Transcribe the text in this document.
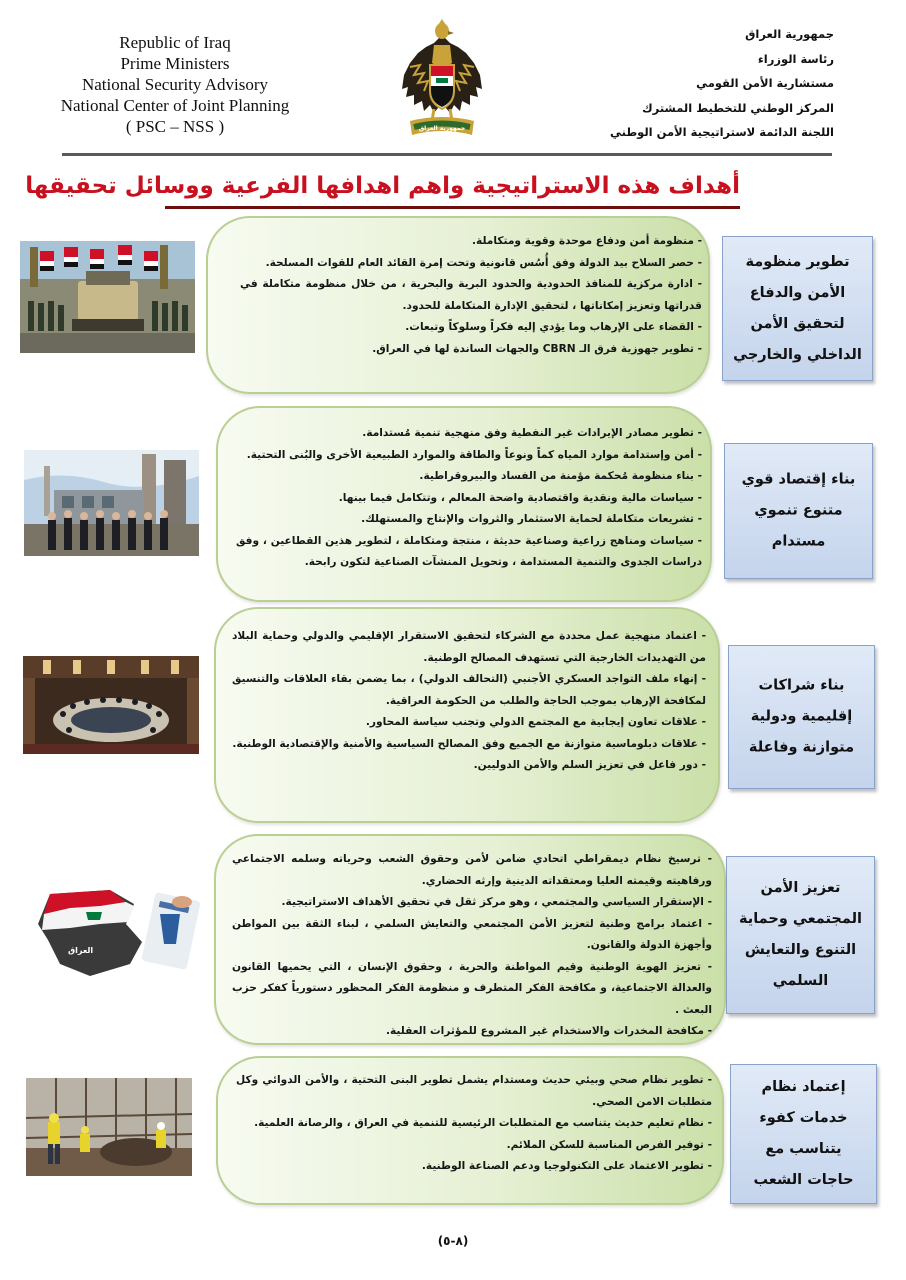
Republic of Iraq
Prime Ministers
National Security Advisory
National Center of Joint Planning
( PSC – NSS )	جمهورية العراق
جمهورية العراق
رئاسة الوزراء
مستشارية الأمن القومي
المركز الوطني للتخطيط المشترك
اللجنة الدائمة لاستراتيجية الأمن الوطني
أهداف هذه الاستراتيجية واهم اهدافها الفرعية ووسائل تحقيقها
- منظومة أمن ودفاع موحدة وقوية ومتكاملة.
- حصر السلاح بيد الدولة وفق أُسُس قانونية وتحت إمرة القائد العام للقوات المسلحة.
- ادارة مركزية للمنافذ الحدودية والحدود البرية والبحرية ، من خلال منظومة متكاملة في قدراتها وتعزيز إمكاناتها ، لتحقيق الإدارة المتكاملة للحدود.
- القضاء على الإرهاب وما يؤدي إليه فكراً وسلوكاً وتبعات.
- تطوير جهوزية فرق الـ CBRN والجهات الساندة لها في العراق.
تطوير منظومة الأمن والدفاع لتحقيق الأمن الداخلي والخارجي
- تطوير مصادر الإيرادات غير النفطية وفق منهجية تنمية مُستدامة.
- أمن وإستدامة موارد المياه كماً ونوعاً والطاقة والموارد الطبيعية الأخرى والبُنى التحتية.
- بناء منظومة مُحكمة مؤمنة من الفساد والبيروقراطية.
- سياسات مالية ونقدية واقتصادية واضحة المعالم ، وتتكامل فيما بينها.
- تشريعات متكاملة لحماية الاستثمار والثروات والإنتاج والمستهلك.
- سياسات ومناهج زراعية وصناعية حديثة ، منتجة ومتكاملة ، لتطوير هذين القطاعين ، وفق دراسات الجدوى والتنمية المستدامة ، وتحويل المنشآت الصناعية لتكون رابحة.
بناء إقتصاد قوي متنوع تنموي مستدام
- اعتماد منهجية عمل محددة مع الشركاء لتحقيق الاستقرار الإقليمي والدولي وحماية البلاد من التهديدات الخارجية التي تستهدف المصالح الوطنية.
- إنهاء ملف التواجد العسكري الأجنبي (التحالف الدولي) ، بما يضمن بقاء العلاقات والتنسيق لمكافحة الإرهاب بموجب الحاجة والطلب من الحكومة العراقية.
- علاقات تعاون إيجابية مع المجتمع الدولي وتجنب سياسة المحاور.
- علاقات دبلوماسية متوازنة مع الجميع وفق المصالح السياسية والأمنية والإقتصادية الوطنية.
- دور فاعل في تعزيز السلم والأمن الدوليين.
بناء شراكات إقليمية ودولية متوازنة وفاعلة
العراق
- ترسيخ نظام ديمقراطي اتحادي ضامن لأمن وحقوق الشعب وحرياته وسلمه الاجتماعي ورفاهيته وقيمته العليا ومعتقداته الدينية وإرثه الحضاري.
- الإستقرار السياسي والمجتمعي ، وهو مركز ثقل في تحقيق الأهداف الاستراتيجية.
- اعتماد برامج وطنية لتعزيز الأمن المجتمعي والتعايش السلمي ، لبناء الثقة بين المواطن وأجهزة الدولة والقانون.
- تعزيز الهوية الوطنية وقيم المواطنة والحرية ، وحقوق الإنسان ، التي يحميها القانون والعدالة الاجتماعية، و مكافحة الفكر المتطرف و منظومة الفكر المحظور دستورياً كفكر حزب البعث .
- مكافحة المخدرات والاستخدام غير المشروع للمؤثرات العقلية.
تعزيز الأمن المجتمعي وحماية التنوع والتعايش السلمي
- تطوير نظام صحي وبيئي حديث ومستدام يشمل تطوير البنى التحتية ، والأمن الدوائي وكل متطلبات الامن الصحي.
- نظام تعليم حديث يتناسب مع المتطلبات الرئيسية للتنمية في العراق ، والرصانة العلمية.
- توفير الفرص المناسبة للسكن الملائم.
- تطوير الاعتماد على التكنولوجيا ودعم الصناعة الوطنية.
إعتماد نظام خدمات كفوء يتناسب مع حاجات الشعب
(٨-٥)
